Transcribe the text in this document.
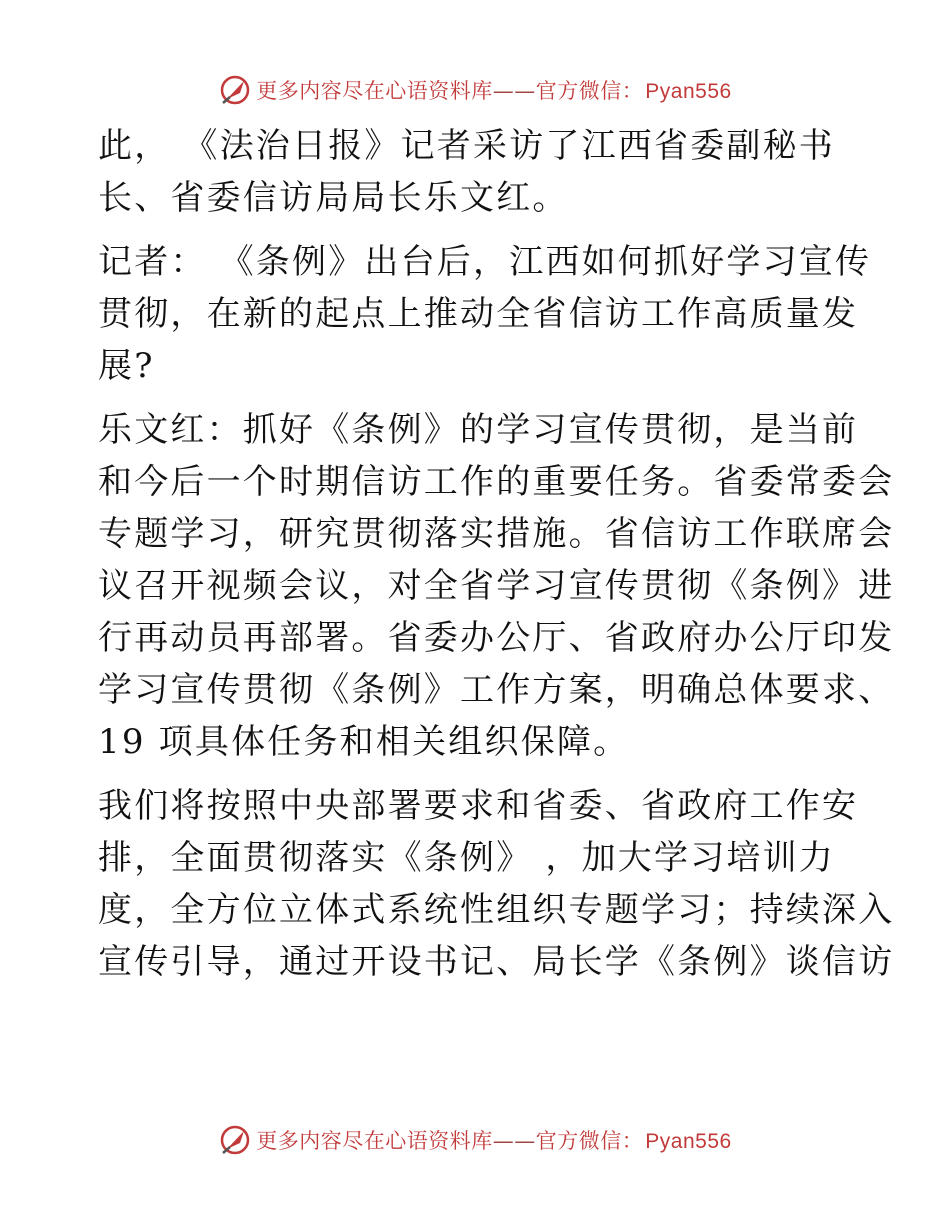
更多内容尽在心语资料库——官方微信：Pyan556
此， 《法治日报》记者采访了江西省委副秘书
长、省委信访局局长乐文红。
记者： 《条例》出台后，江西如何抓好学习宣传
贯彻，在新的起点上推动全省信访工作高质量发
展?
乐文红：抓好《条例》的学习宣传贯彻，是当前
和今后一个时期信访工作的重要任务。省委常委会
专题学习，研究贯彻落实措施。省信访工作联席会
议召开视频会议，对全省学习宣传贯彻《条例》进
行再动员再部署。省委办公厅、省政府办公厅印发
学习宣传贯彻《条例》工作方案，明确总体要求、
19 项具体任务和相关组织保障。
我们将按照中央部署要求和省委、省政府工作安
排，全面贯彻落实《条例》 ，加大学习培训力
度，全方位立体式系统性组织专题学习；持续深入
宣传引导，通过开设书记、局长学《条例》谈信访
更多内容尽在心语资料库——官方微信：Pyan556
